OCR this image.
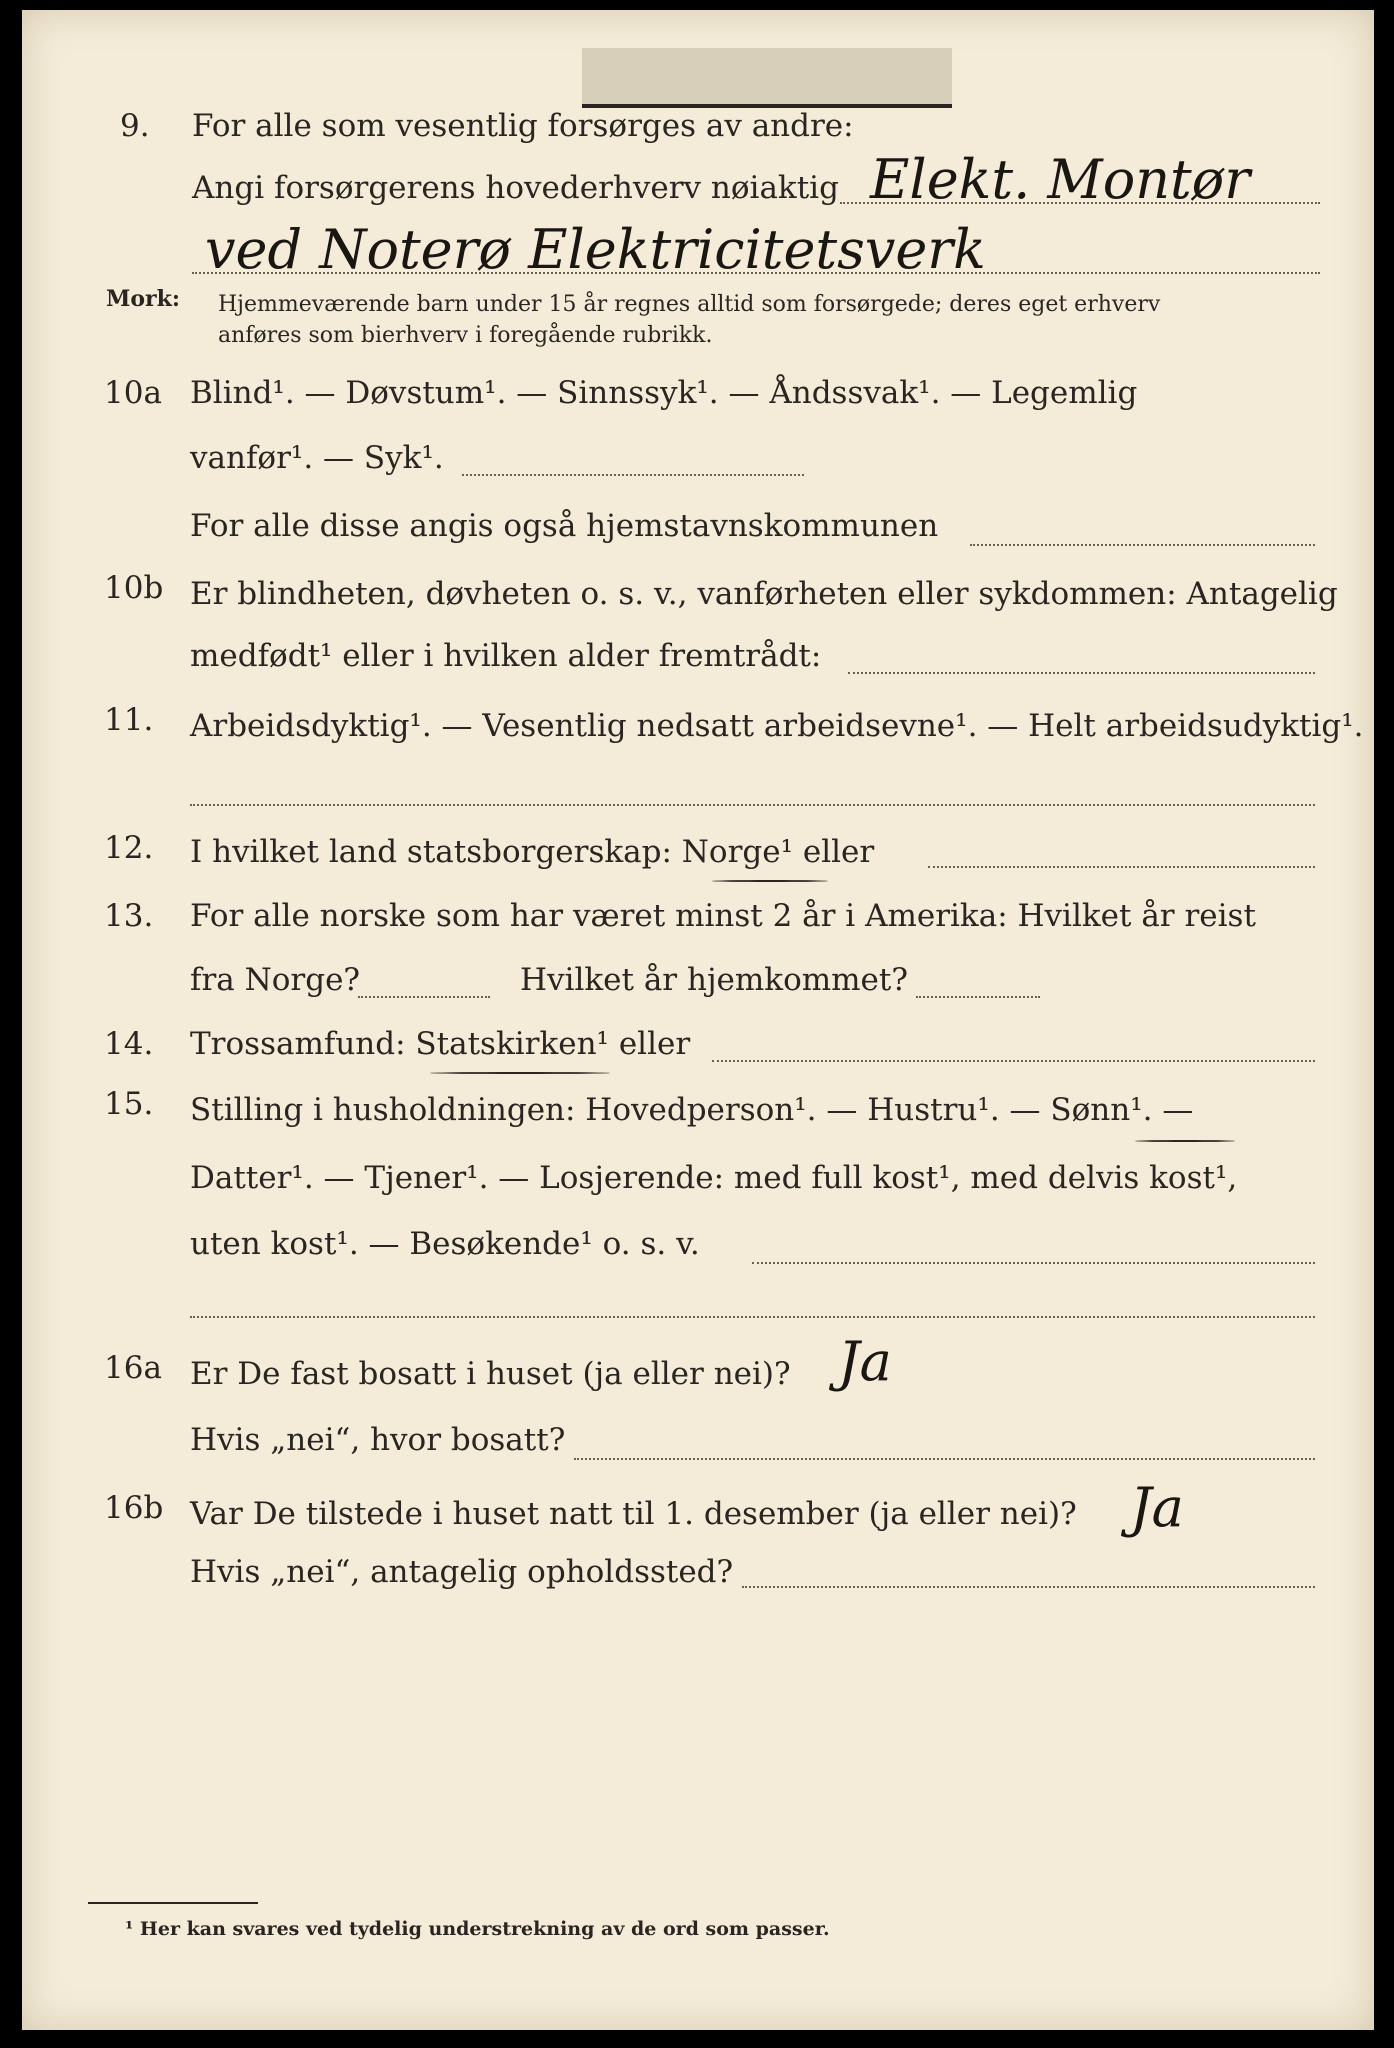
9. For alle som vesentlig forsørges av andre:
Angi forsørgerens hovederhverv nøiaktig Elekt. Montør
ved Noterø Elektricitetsverk
Mork: Hjemmeværende barn under 15 år regnes alltid som forsørgede; deres eget erhverv
anføres som bierhverv i foregående rubrikk.
10a Blind¹. — Døvstum¹. — Sinnssyk¹. — Åndssvak¹. — Legemlig
vanfør¹. — Syk¹.
For alle disse angis også hjemstavnskommunen
10b Er blindheten, døvheten o. s. v., vanførheten eller sykdommen: Antagelig
medfødt¹ eller i hvilken alder fremtrådt:
11. Arbeidsdyktig¹. — Vesentlig nedsatt arbeidsevne¹. — Helt arbeidsudyktig¹.
12. I hvilket land statsborgerskap: Norge¹ eller
13. For alle norske som har været minst 2 år i Amerika: Hvilket år reist
fra Norge?	Hvilket år hjemkommet?
14. Trossamfund: Statskirken¹ eller
15. Stilling i husholdningen: Hovedperson¹. — Hustru¹. — Sønn¹. —
Datter¹. — Tjener¹. — Losjerende: med full kost¹, med delvis kost¹,
uten kost¹. — Besøkende¹ o. s. v.
16a Er De fast bosatt i huset (ja eller nei)? Ja
Hvis „nei“, hvor bosatt?
16b Var De tilstede i huset natt til 1. desember (ja eller nei)? Ja
Hvis „nei“, antagelig opholdssted?
¹ Her kan svares ved tydelig understrekning av de ord som passer.
